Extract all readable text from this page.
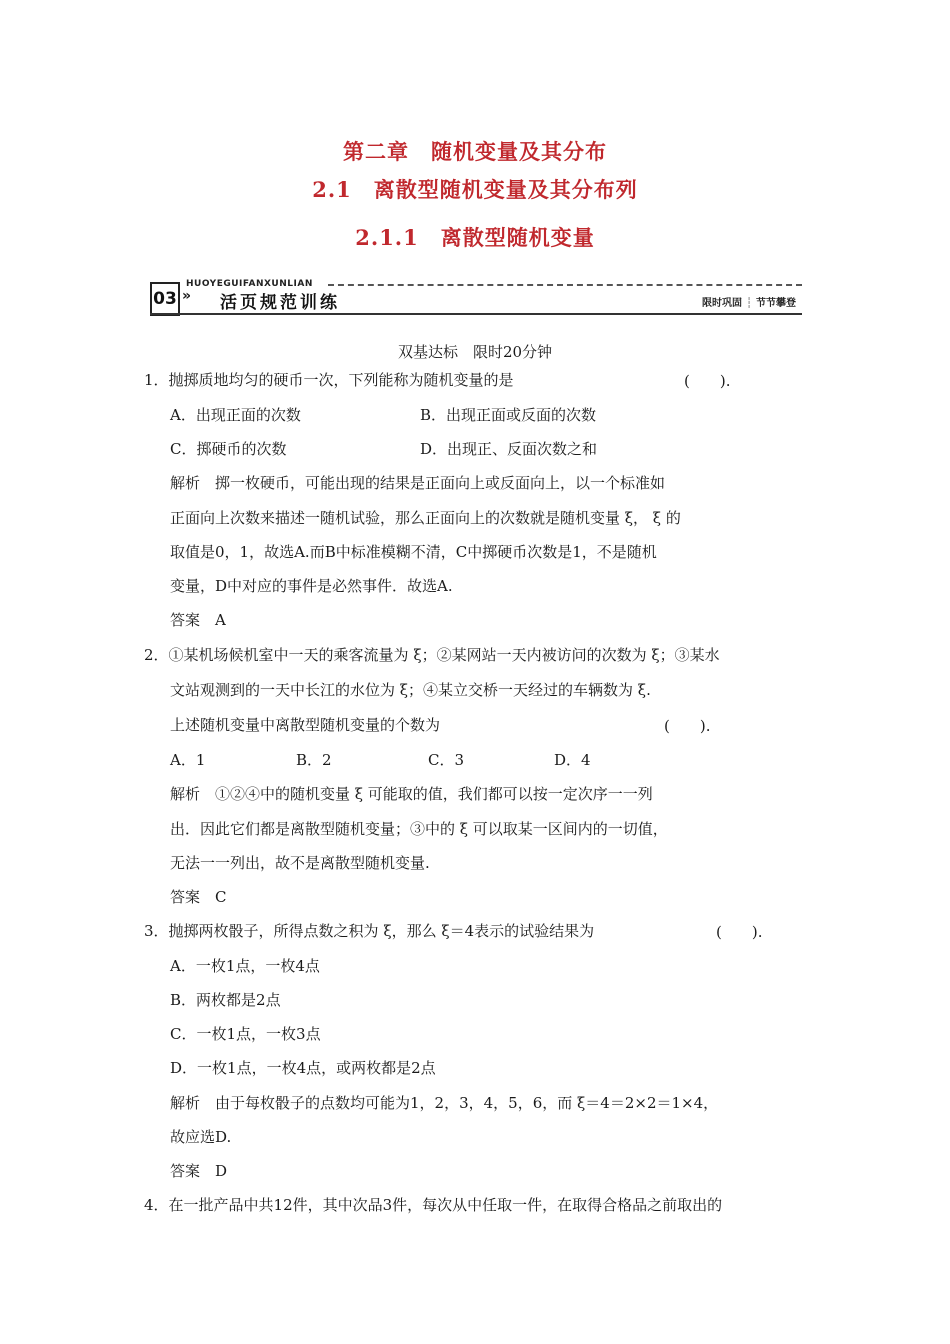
第二章　随机变量及其分布
2.1　离散型随机变量及其分布列
2.1.1　离散型随机变量
HUOYEGUIFANXUNLIAN
03 » 活页规范训练	限时巩固 ┆ 节节攀登
双基达标　限时20分钟
1．抛掷质地均匀的硬币一次，下列能称为随机变量的是	(　　).
A．出现正面的次数	B．出现正面或反面的次数
C．掷硬币的次数	D．出现正、反面次数之和
解析　掷一枚硬币，可能出现的结果是正面向上或反面向上，以一个标准如
正面向上次数来描述一随机试验，那么正面向上的次数就是随机变量 ξ， ξ 的
取值是0，1，故选A.而B中标准模糊不清，C中掷硬币次数是1，不是随机
变量，D中对应的事件是必然事件．故选A.
答案　A
2．①某机场候机室中一天的乘客流量为 ξ；②某网站一天内被访问的次数为 ξ；③某水
文站观测到的一天中长江的水位为 ξ；④某立交桥一天经过的车辆数为 ξ.
上述随机变量中离散型随机变量的个数为	(　　).
A．1	B．2	C．3	D．4
解析　①②④中的随机变量 ξ 可能取的值，我们都可以按一定次序一一列
出．因此它们都是离散型随机变量；③中的 ξ 可以取某一区间内的一切值，
无法一一列出，故不是离散型随机变量.
答案　C
3．抛掷两枚骰子，所得点数之积为 ξ，那么 ξ＝4表示的试验结果为	(　　).
A．一枚1点，一枚4点
B．两枚都是2点
C．一枚1点，一枚3点
D．一枚1点，一枚4点，或两枚都是2点
解析　由于每枚骰子的点数均可能为1，2，3，4，5，6，而 ξ＝4＝2×2＝1×4，
故应选D.
答案　D
4．在一批产品中共12件，其中次品3件，每次从中任取一件，在取得合格品之前取出的
